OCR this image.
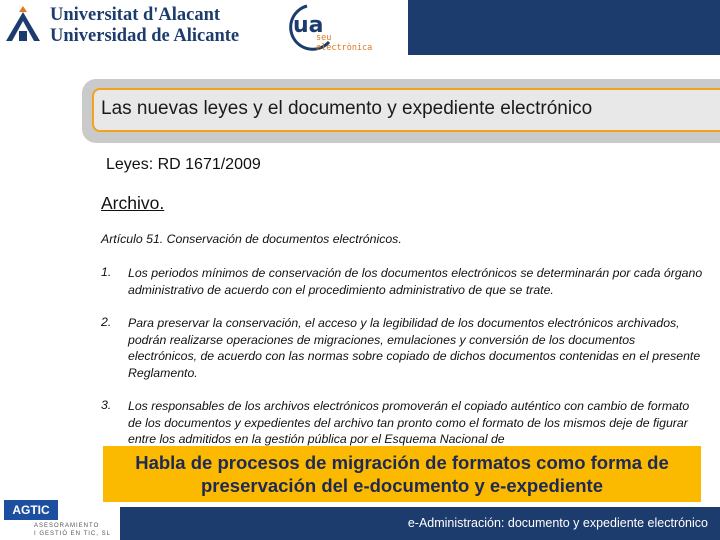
Universitat d'Alacant
Universidad de Alicante ua
seu
electrònica
Las nuevas leyes y el documento y expediente electrónico
Leyes: RD 1671/2009
Archivo.
Artículo 51. Conservación de documentos electrónicos.
1. Los periodos mínimos de conservación de los documentos electrónicos se determinarán por cada órgano administrativo de acuerdo con el procedimiento administrativo de que se trate.
2. Para preservar la conservación, el acceso y la legibilidad de los documentos electrónicos archivados, podrán realizarse operaciones de migraciones, emulaciones y conversión de los documentos electrónicos, de acuerdo con las normas sobre copiado de dichos documentos contenidas en el presente Reglamento.
3. Los responsables de los archivos electrónicos promoverán el copiado auténtico con cambio de formato de los documentos y expedientes del archivo tan pronto como el formato de los mismos deje de figurar entre los admitidos en la gestión pública por el Esquema Nacional de
Habla de procesos de migración de formatos como forma de preservación del e-documento y e-expediente
AGTIC
ASESORAMIENTO
I GESTIÓ EN TIC, SL
e-Administración: documento y expediente electrónico
